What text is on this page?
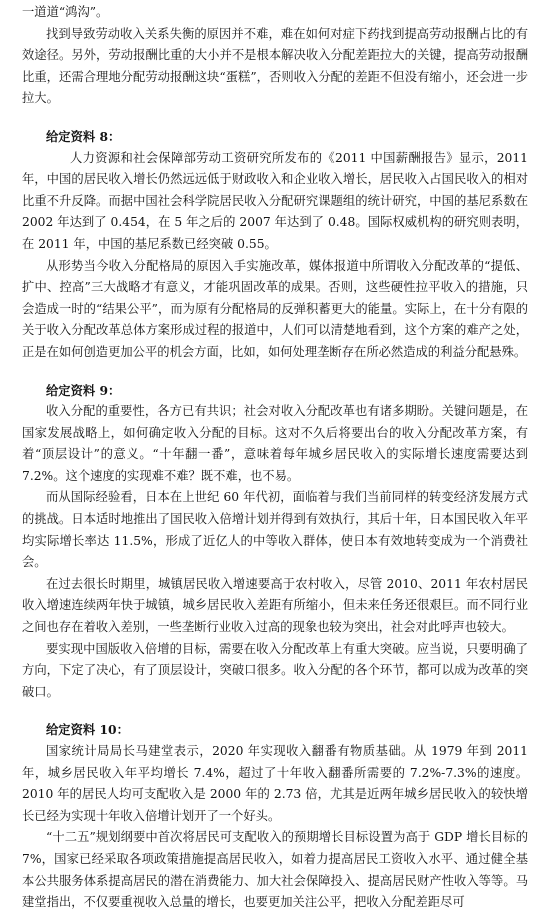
一道道“鸿沟”。

找到导致劳动收入关系失衡的原因并不难，难在如何对症下药找到提高劳动报酬占比的有效途径。另外，劳动报酬比重的大小并不是根本解决收入分配差距拉大的关键，提高劳动报酬比重，还需合理地分配劳动报酬这块“蛋糕”，否则收入分配的差距不但没有缩小，还会进一步拉大。

给定资料 8：

人力资源和社会保障部劳动工资研究所发布的《2011 中国薪酬报告》显示，2011 年，中国的居民收入增长仍然远远低于财政收入和企业收入增长，居民收入占国民收入的相对比重不升反降。而据中国社会科学院居民收入分配研究课题组的统计研究，中国的基尼系数在 2002 年达到了 0.454，在 5 年之后的 2007 年达到了 0.48。国际权威机构的研究则表明，在 2011 年，中国的基尼系数已经突破 0.55。

从形势当今收入分配格局的原因入手实施改革，媒体报道中所谓收入分配改革的“提低、扩中、控高”三大战略才有意义，才能巩固改革的成果。否则，这些硬性拉平收入的措施，只会造成一时的“结果公平”，而为原有分配格局的反弹积蓄更大的能量。实际上，在十分有限的关于收入分配改革总体方案形成过程的报道中，人们可以清楚地看到，这个方案的难产之处，正是在如何创造更加公平的机会方面，比如，如何处理垄断存在所必然造成的利益分配悬殊。

给定资料 9：

收入分配的重要性，各方已有共识；社会对收入分配改革也有诸多期盼。关键问题是，在国家发展战略上，如何确定收入分配的目标。这对不久后将要出台的收入分配改革方案，有着“顶层设计”的意义。“十年翻一番”，意味着每年城乡居民收入的实际增长速度需要达到 7.2%。这个速度的实现难不难？既不难，也不易。

而从国际经验看，日本在上世纪 60 年代初，面临着与我们当前同样的转变经济发展方式的挑战。日本适时地推出了国民收入倍增计划并得到有效执行，其后十年，日本国民收入年平均实际增长率达 11.5%，形成了近亿人的中等收入群体，使日本有效地转变成为一个消费社会。

在过去很长时期里，城镇居民收入增速要高于农村收入，尽管 2010、2011 年农村居民收入增速连续两年快于城镇，城乡居民收入差距有所缩小，但未来任务还很艰巨。而不同行业之间也存在着收入差别，一些垄断行业收入过高的现象也较为突出，社会对此呼声也较大。

要实现中国版收入倍增的目标，需要在收入分配改革上有重大突破。应当说，只要明确了方向，下定了决心，有了顶层设计，突破口很多。收入分配的各个环节，都可以成为改革的突破口。

给定资料 10：

国家统计局局长马建堂表示，2020 年实现收入翻番有物质基础。从 1979 年到 2011 年，城乡居民收入年平均增长 7.4%，超过了十年收入翻番所需要的 7.2%-7.3%的速度。2010 年的居民人均可支配收入是 2000 年的 2.73 倍，尤其是近两年城乡居民收入的较快增长已经为实现十年收入倍增计划开了一个好头。

“十二五”规划纲要中首次将居民可支配收入的预期增长目标设置为高于 GDP 增长目标的 7%，国家已经采取各项政策措施提高居民收入，如着力提高居民工资收入水平、通过健全基本公共服务体系提高居民的潜在消费能力、加大社会保障投入、提高居民财产性收入等等。马建堂指出，不仅要重视收入总量的增长，也要更加关注公平，把收入分配差距尽可
